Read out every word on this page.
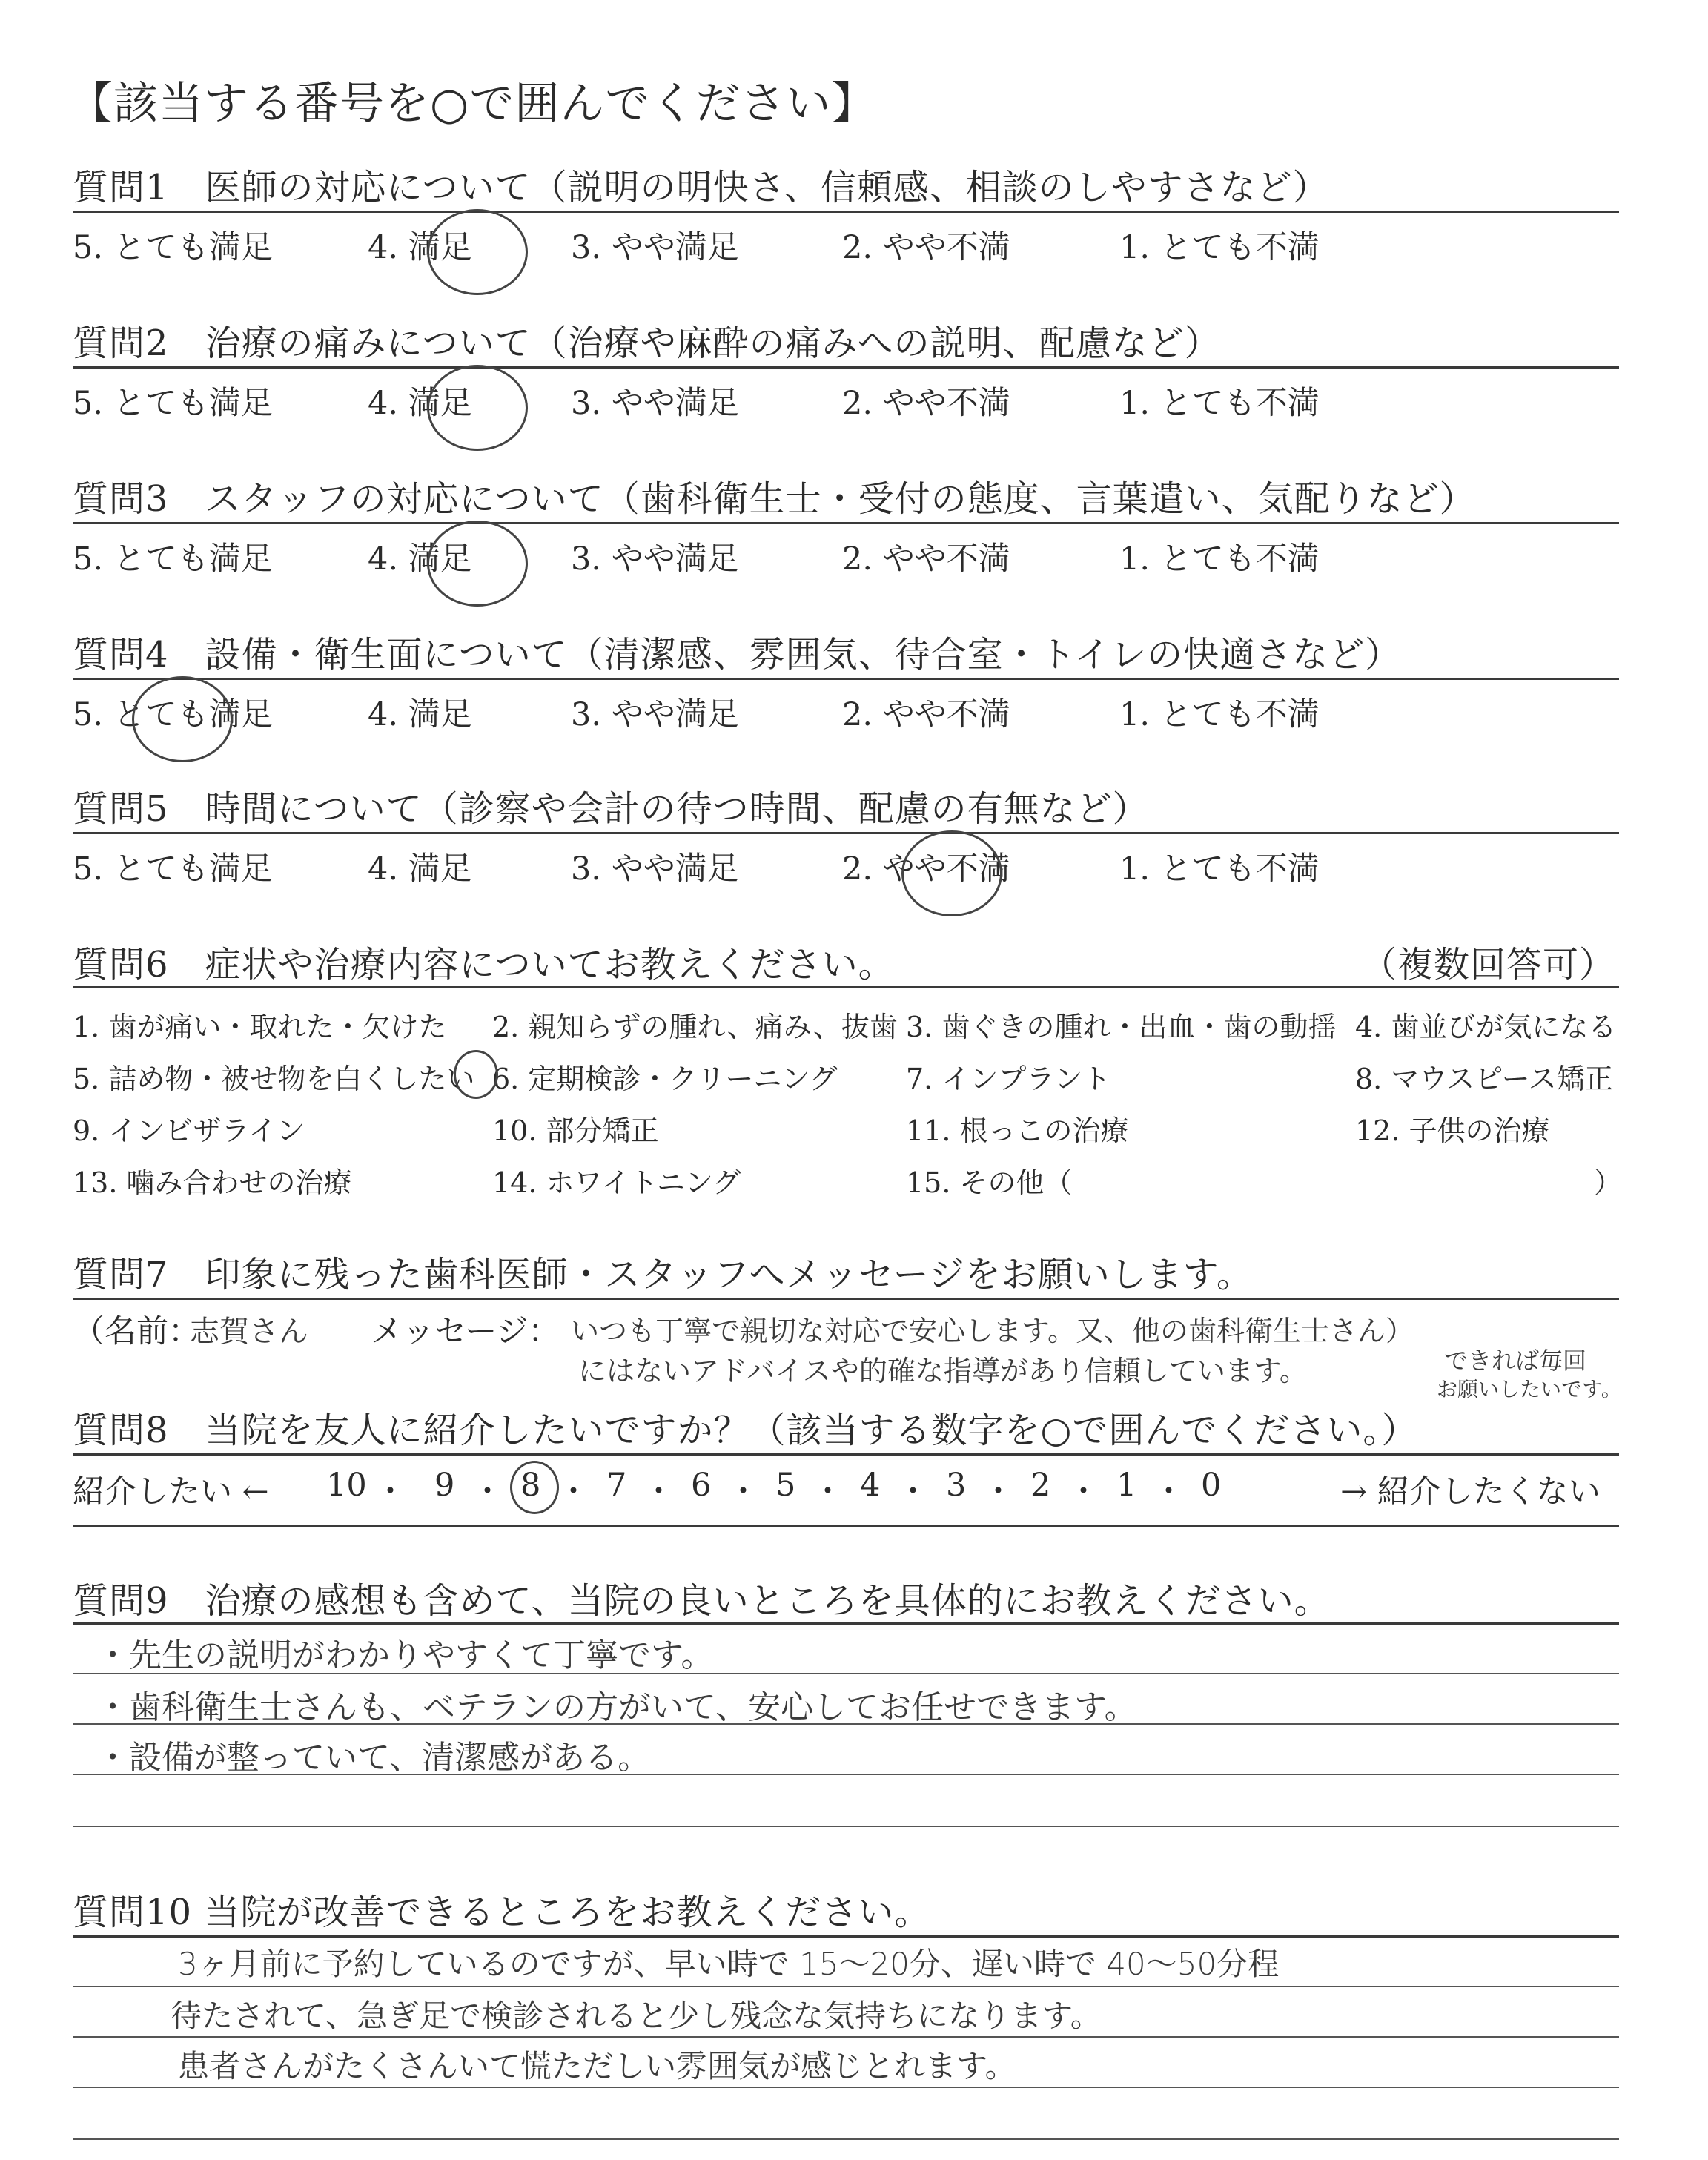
【該当する番号を○で囲んでください】
質問1　医師の対応について（説明の明快さ、信頼感、相談のしやすさなど）
5. とても満足	4. 満足	3. やや満足	2. やや不満	1. とても不満
質問2　治療の痛みについて（治療や麻酔の痛みへの説明、配慮など）
5. とても満足	4. 満足	3. やや満足	2. やや不満	1. とても不満
質問3　スタッフの対応について（歯科衛生士・受付の態度、言葉遣い、気配りなど）
5. とても満足	4. 満足	3. やや満足	2. やや不満	1. とても不満
質問4　設備・衛生面について（清潔感、雰囲気、待合室・トイレの快適さなど）
5. とても満足	4. 満足	3. やや満足	2. やや不満	1. とても不満
質問5　時間について（診察や会計の待つ時間、配慮の有無など）
5. とても満足	4. 満足	3. やや満足	2. やや不満	1. とても不満
質問6　症状や治療内容についてお教えください。	（複数回答可）
1. 歯が痛い・取れた・欠けた 2. 親知らずの腫れ、痛み、抜歯 3. 歯ぐきの腫れ・出血・歯の動揺 4. 歯並びが気になる
5. 詰め物・被せ物を白くしたい 6. 定期検診・クリーニング 7. インプラント	8. マウスピース矯正
9. インビザライン	10. 部分矯正	11. 根っこの治療	12. 子供の治療
13. 噛み合わせの治療	14. ホワイトニング	15. その他（	）
質問7　印象に残った歯科医師・スタッフへメッセージをお願いします。
（名前：
志賀さん メッセージ： いつも丁寧で親切な対応で安心します。又、他の歯科衛生士さん）
にはないアドバイスや的確な指導があり信頼しています。	できれば毎回
お願いしたいです。
質問8　当院を友人に紹介したいですか？（該当する数字を○で囲んでください。）
紹介したい ←	→ 紹介したくない
10 ・ 9 ・ 8 ・ 7 ・ 6 ・ 5 ・ 4 ・ 3 ・ 2 ・ 1 ・ 0
質問9　治療の感想も含めて、当院の良いところを具体的にお教えください。
・先生の説明がわかりやすくて丁寧です。
・歯科衛生士さんも、ベテランの方がいて、安心してお任せできます。
・設備が整っていて、清潔感がある。
質問10 当院が改善できるところをお教えください。
3ヶ月前に予約しているのですが、早い時で 15～20分、遅い時で 40～50分程
待たされて、急ぎ足で検診されると少し残念な気持ちになります。
患者さんがたくさんいて慌ただしい雰囲気が感じとれます。
